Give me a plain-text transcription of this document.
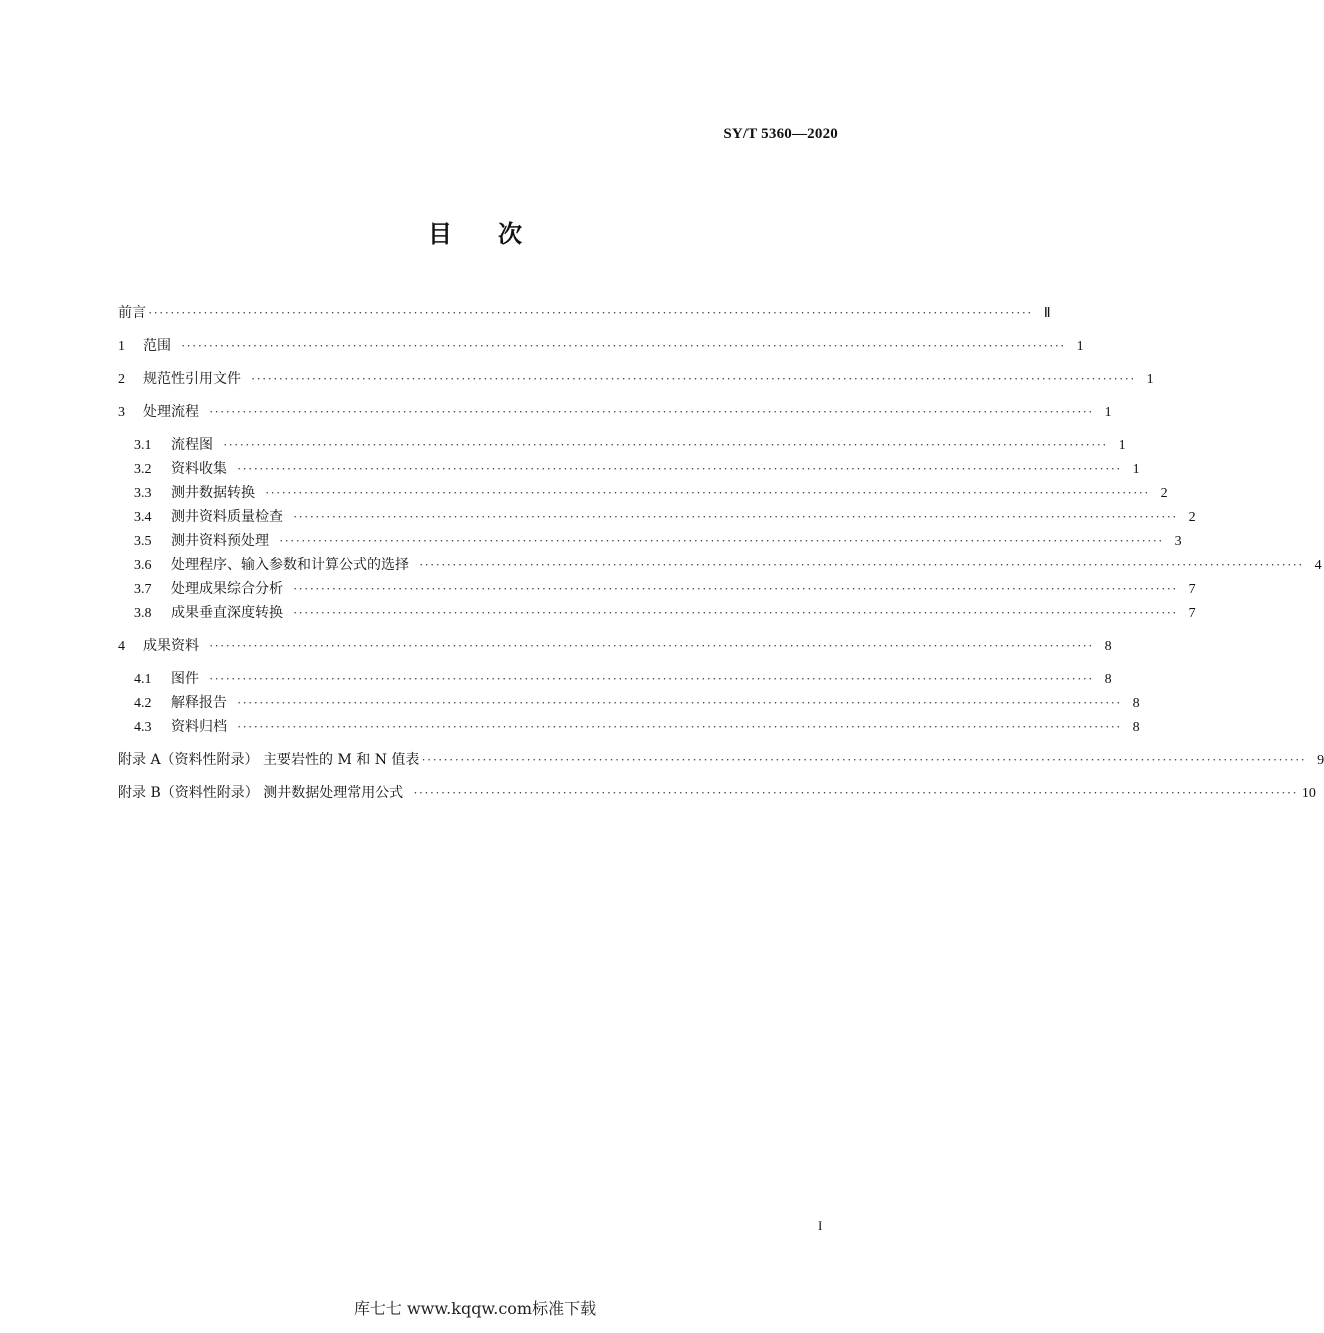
SY/T 5360—2020
目 次
前言 ································································································································································ Ⅱ
1	范围 ································································································································································ 1
2	规范性引用文件 ································································································································································ 1
3	处理流程 ································································································································································ 1
3.1	流程图 ································································································································································ 1
3.2	资料收集 ································································································································································ 1
3.3	测井数据转换 ································································································································································ 2
3.4	测井资料质量检查 ································································································································································ 2
3.5	测井资料预处理 ································································································································································ 3
3.6	处理程序、输入参数和计算公式的选择 ································································································································································ 4
3.7	处理成果综合分析 ································································································································································ 7
3.8	成果垂直深度转换 ································································································································································ 7
4	成果资料 ································································································································································ 8
4.1	图件 ································································································································································ 8
4.2	解释报告 ································································································································································ 8
4.3	资料归档 ································································································································································ 8
附录 A（资料性附录） 主要岩性的 M 和 N 值表 ································································································································································ 9
附录 B（资料性附录） 测井数据处理常用公式 ································································································································································ 10
I
库七七 www.kqqw.com标准下载
